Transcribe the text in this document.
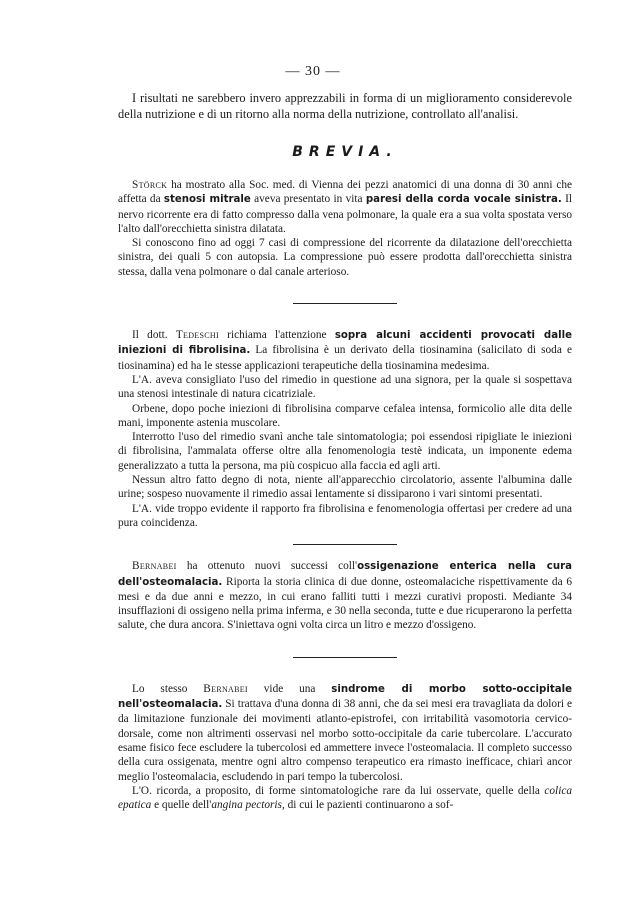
— 30 —

I risultati ne sarebbero invero apprezzabili in forma di un miglioramento considerevole della nutrizione e di un ritorno alla norma della nutrizione, controllato all'analisi.

BREVIA.

Störck ha mostrato alla Soc. med. di Vienna dei pezzi anatomici di una donna di 30 anni che affetta da stenosi mitrale aveva presentato in vita paresi della corda vocale sinistra. Il nervo ricorrente era di fatto compresso dalla vena polmonare, la quale era a sua volta spostata verso l'alto dall'orecchietta sinistra dilatata.

Si conoscono fino ad oggi 7 casi di compressione del ricorrente da dilatazione dell'orecchietta sinistra, dei quali 5 con autopsia. La compressione può essere prodotta dall'orecchietta sinistra stessa, dalla vena polmonare o dal canale arterioso.

Il dott. Tedeschi richiama l'attenzione sopra alcuni accidenti provocati dalle iniezioni di fibrolisina. La fibrolisina è un derivato della tiosinamina (salicilato di soda e tiosinamina) ed ha le stesse applicazioni terapeutiche della tiosinamina medesima.

L'A. aveva consigliato l'uso del rimedio in questione ad una signora, per la quale si sospettava una stenosi intestinale di natura cicatriziale.

Orbene, dopo poche iniezioni di fibrolisina comparve cefalea intensa, formicolio alle dita delle mani, imponente astenia muscolare.

Interrotto l'uso del rimedio svanì anche tale sintomatologia; poi essendosi ripigliate le iniezioni di fibrolisina, l'ammalata offerse oltre alla fenomenologia testè indicata, un imponente edema generalizzato a tutta la persona, ma più cospicuo alla faccia ed agli arti.

Nessun altro fatto degno di nota, niente all'apparecchio circolatorio, assente l'albumina dalle urine; sospeso nuovamente il rimedio assai lentamente si dissiparono i vari sintomi presentati.

L'A. vide troppo evidente il rapporto fra fibrolisina e fenomenologia offertasi per credere ad una pura coincidenza.

Bernabei ha ottenuto nuovi successi coll'ossigenazione enterica nella cura dell'osteomalacia. Riporta la storia clinica di due donne, osteomalaciche rispettivamente da 6 mesi e da due anni e mezzo, in cui erano falliti tutti i mezzi curativi proposti. Mediante 34 insufflazioni di ossigeno nella prima inferma, e 30 nella seconda, tutte e due ricuperarono la perfetta salute, che dura ancora. S'iniettava ogni volta circa un litro e mezzo d'ossigeno.

Lo stesso Bernabei vide una sindrome di morbo sotto-occipitale nell'osteomalacia. Si trattava d'una donna di 38 anni, che da sei mesi era travagliata da dolori e da limitazione funzionale dei movimenti atlanto-epistrofei, con irritabilità vasomotoria cervico-dorsale, come non altrimenti osservasi nel morbo sotto-occipitale da carie tubercolare. L'accurato esame fisico fece escludere la tubercolosi ed ammettere invece l'osteomalacia. Il completo successo della cura ossigenata, mentre ogni altro compenso terapeutico era rimasto inefficace, chiarì ancor meglio l'osteomalacia, escludendo in pari tempo la tubercolosi.

L'O. ricorda, a proposito, di forme sintomatologiche rare da lui osservate, quelle della colica epatica e quelle dell'angina pectoris, di cui le pazienti continuarono a sof-
